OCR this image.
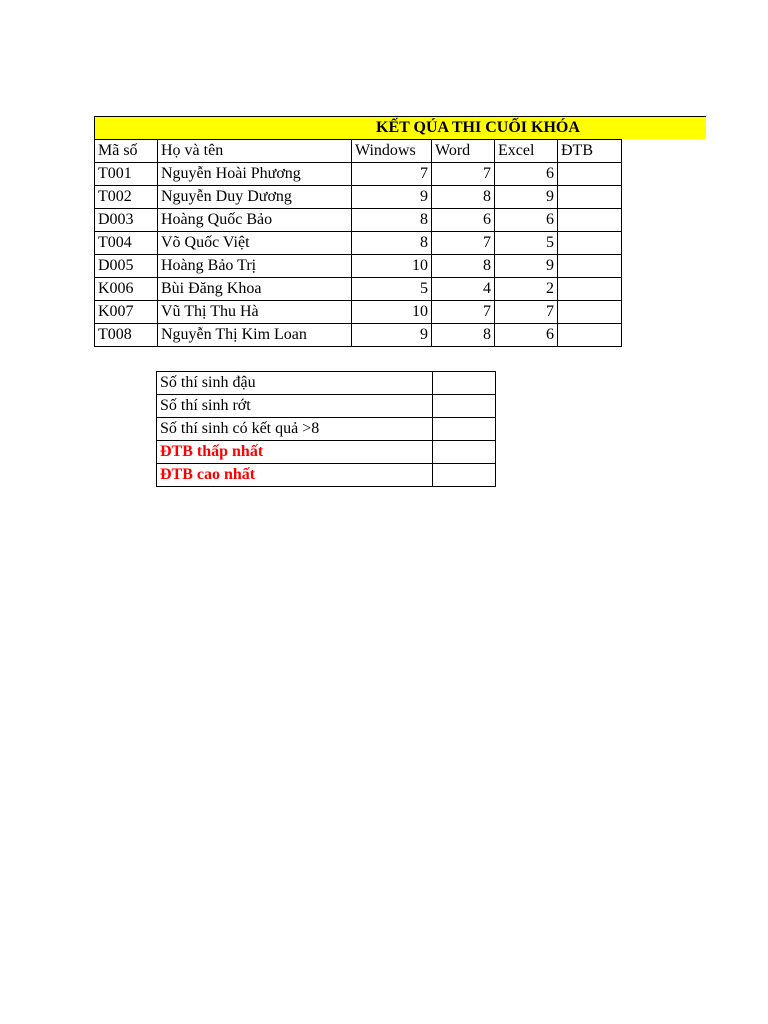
KẾT QÚA THI CUỐI KHÓA
Mã số	Họ và tên	Windows	Word	Excel	ĐTB
T001	Nguyễn Hoài Phương	7	7	6	
T002	Nguyễn Duy Dương	9	8	9	
D003	Hoàng Quốc Bảo	8	6	6	
T004	Võ Quốc Việt	8	7	5	
D005	Hoàng Bảo Trị	10	8	9	
K006	Bùi Đăng Khoa	5	4	2	
K007	Vũ Thị Thu Hà	10	7	7	
T008	Nguyễn Thị Kim Loan	9	8	6	
Số thí sinh đậu	
Số thí sinh rớt	
Số thí sinh có kết quả >8	
ĐTB thấp nhất	
ĐTB cao nhất	
